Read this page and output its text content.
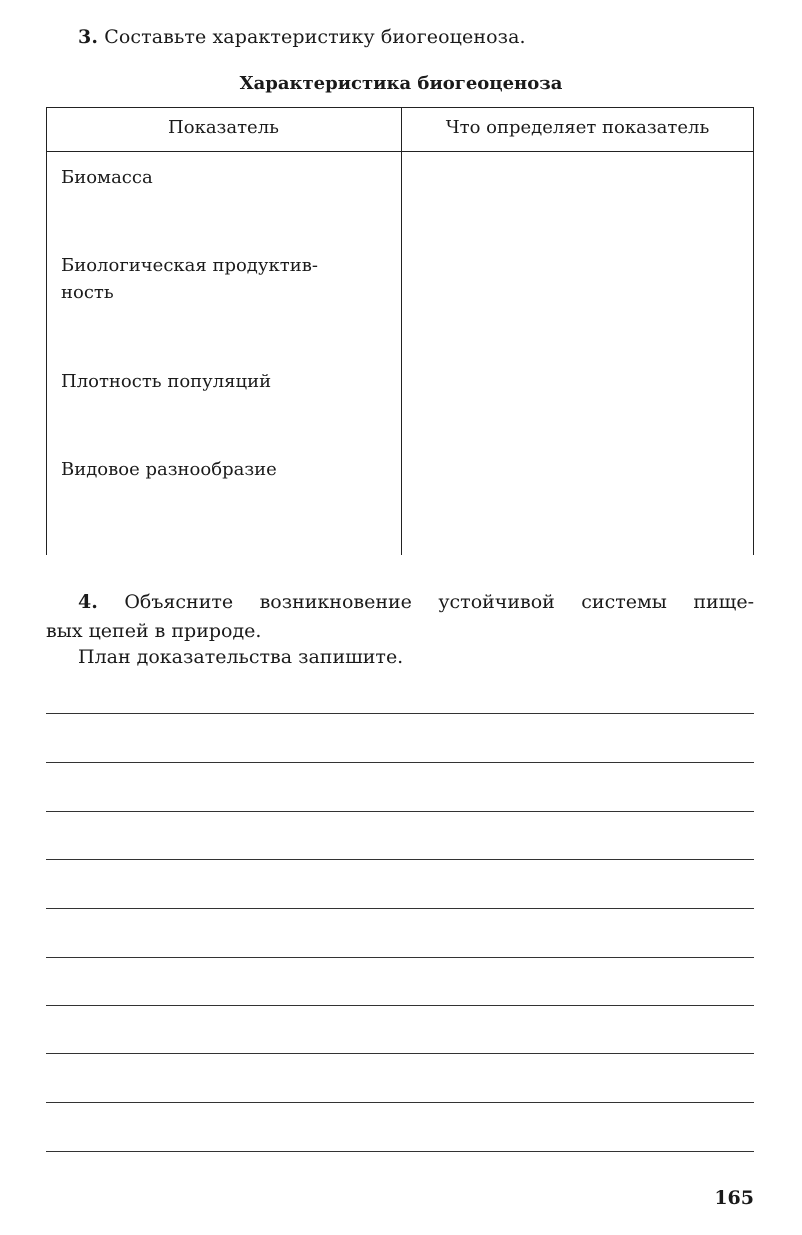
3. Составьте характеристику биогеоценоза.
Характеристика биогеоценоза
Показатель	Что определяет показатель
Биомасса
Биологическая продуктив-
ность
Плотность популяций
Видовое разнообразие
4. Объясните возникновение устойчивой системы пище-
вых цепей в природе.
План доказательства запишите.
165
